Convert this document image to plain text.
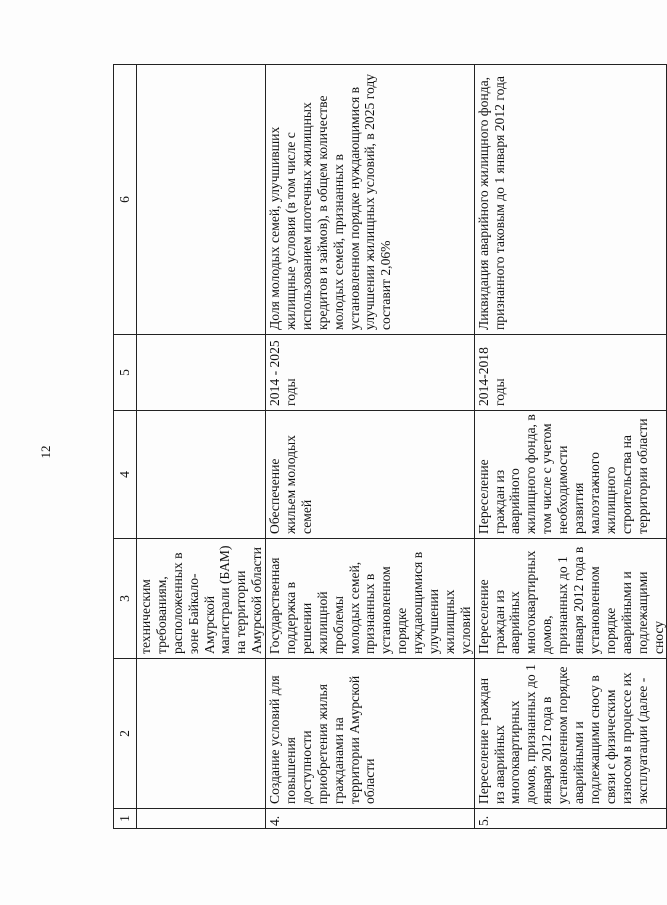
12
1	2	3	4	5	6
		техническим требованиям, расположенных в зоне Байкало-Амурской магистрали (БАМ) на территории Амурской области			
4.	Создание условий для повышения доступности приобретения жилья гражданами на территории Амурской области	Государственная поддержка в решении жилищной проблемы молодых семей, признанных в установленном порядке нуждающимися в улучшении жилищных условий	Обеспечение жильем молодых семей	2014 - 2025 годы	Доля молодых семей, улучшивших жилищные условия (в том числе с использованием ипотечных жилищных кредитов и займов), в общем количестве молодых семей, признанных в установленном порядке нуждающимися в улучшении жилищных условий, в 2025 году составит 2,06%
5.	Переселение граждан из аварийных многоквартирных домов, признанных до 1 января 2012 года в установленном порядке аварийными и подлежащими сносу в связи с физическим износом в процессе их эксплуатации (далее -	Переселение граждан из аварийных многоквартирных домов, признанных до 1 января 2012 года в установленном порядке аварийными и подлежащими сносу	Переселение граждан из аварийного жилищного фонда, в том числе с учетом необходимости развития малоэтажного жилищного строительства на территории области	2014-2018 годы	Ликвидация аварийного жилищного фонда, признанного таковым до 1 января 2012 года
